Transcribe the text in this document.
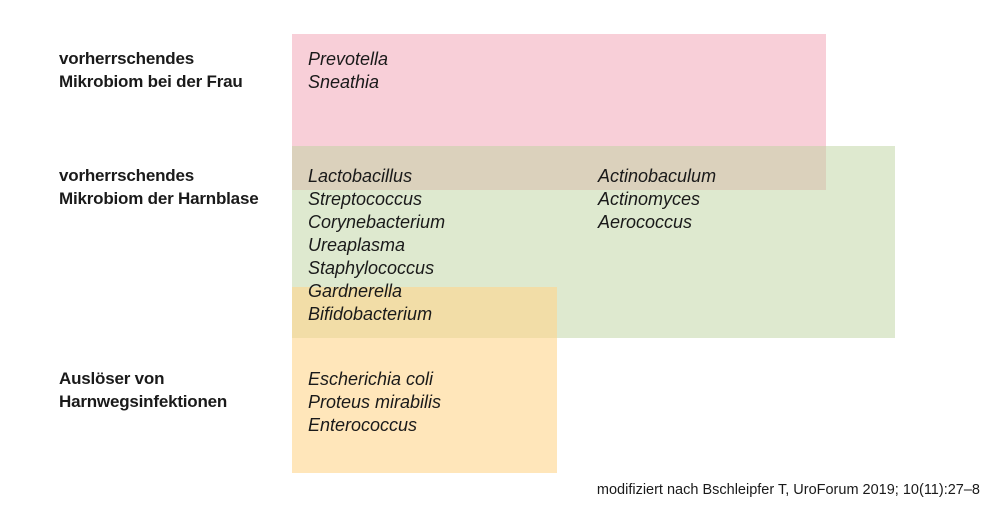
vorherrschendes
Mikrobiom bei der Frau
vorherrschendes
Mikrobiom der Harnblase
Auslöser von
Harnwegsinfektionen
Prevotella
Sneathia
Lactobacillus
Streptococcus
Corynebacterium
Ureaplasma
Staphylococcus
Gardnerella
Bifidobacterium
Actinobaculum
Actinomyces
Aerococcus
Escherichia coli
Proteus mirabilis
Enterococcus

modifiziert nach Bschleipfer T, UroForum 2019; 10(11):27–8
